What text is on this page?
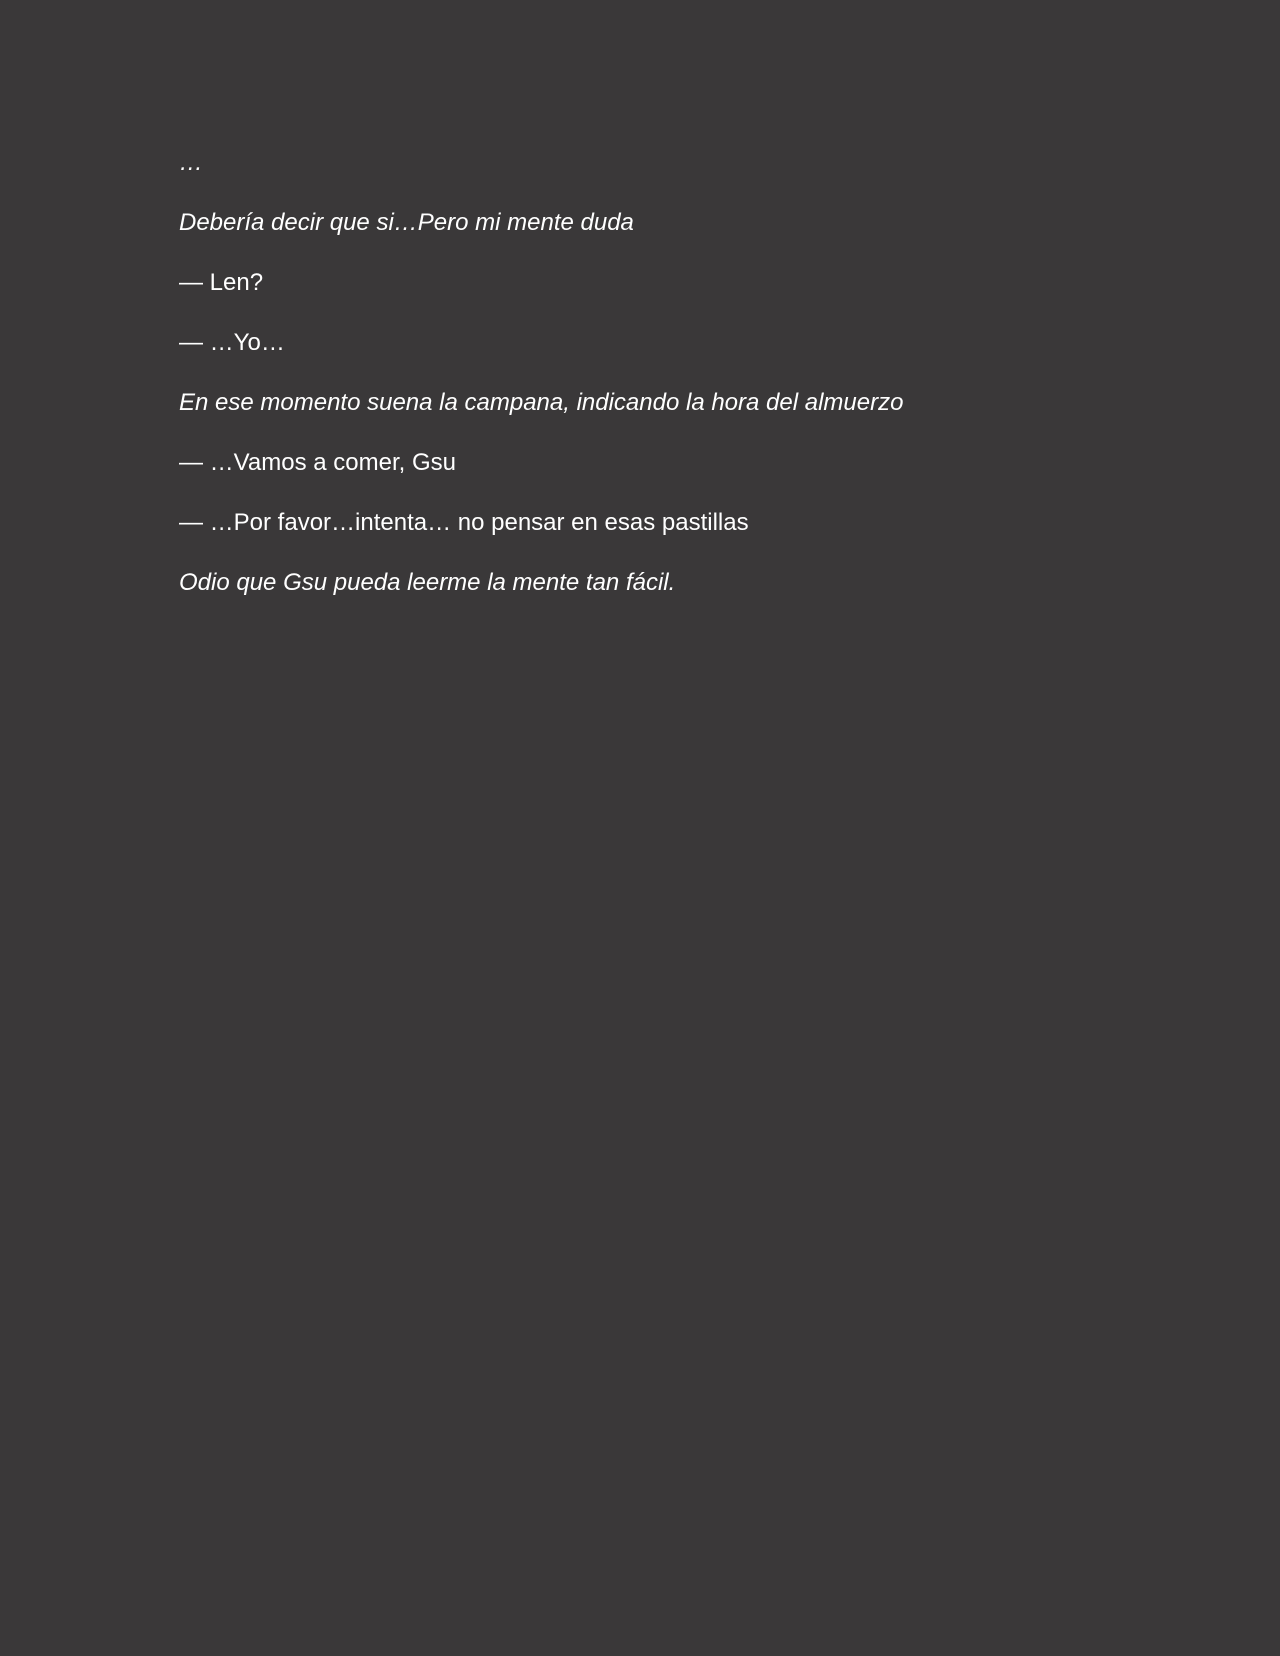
…

Debería decir que si…Pero mi mente duda

— Len?

— …Yo…

En ese momento suena la campana, indicando la hora del almuerzo

— …Vamos a comer, Gsu

— …Por favor…intenta… no pensar en esas pastillas

Odio que Gsu pueda leerme la mente tan fácil.
